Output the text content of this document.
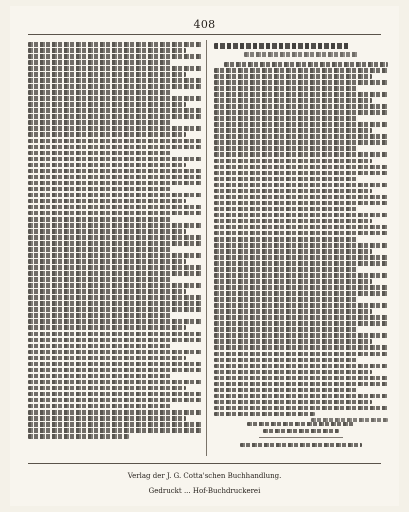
408
Verlag der J. G. Cotta'schen Buchhandlung.
Gedruckt ... Hof-Buchdruckerei
